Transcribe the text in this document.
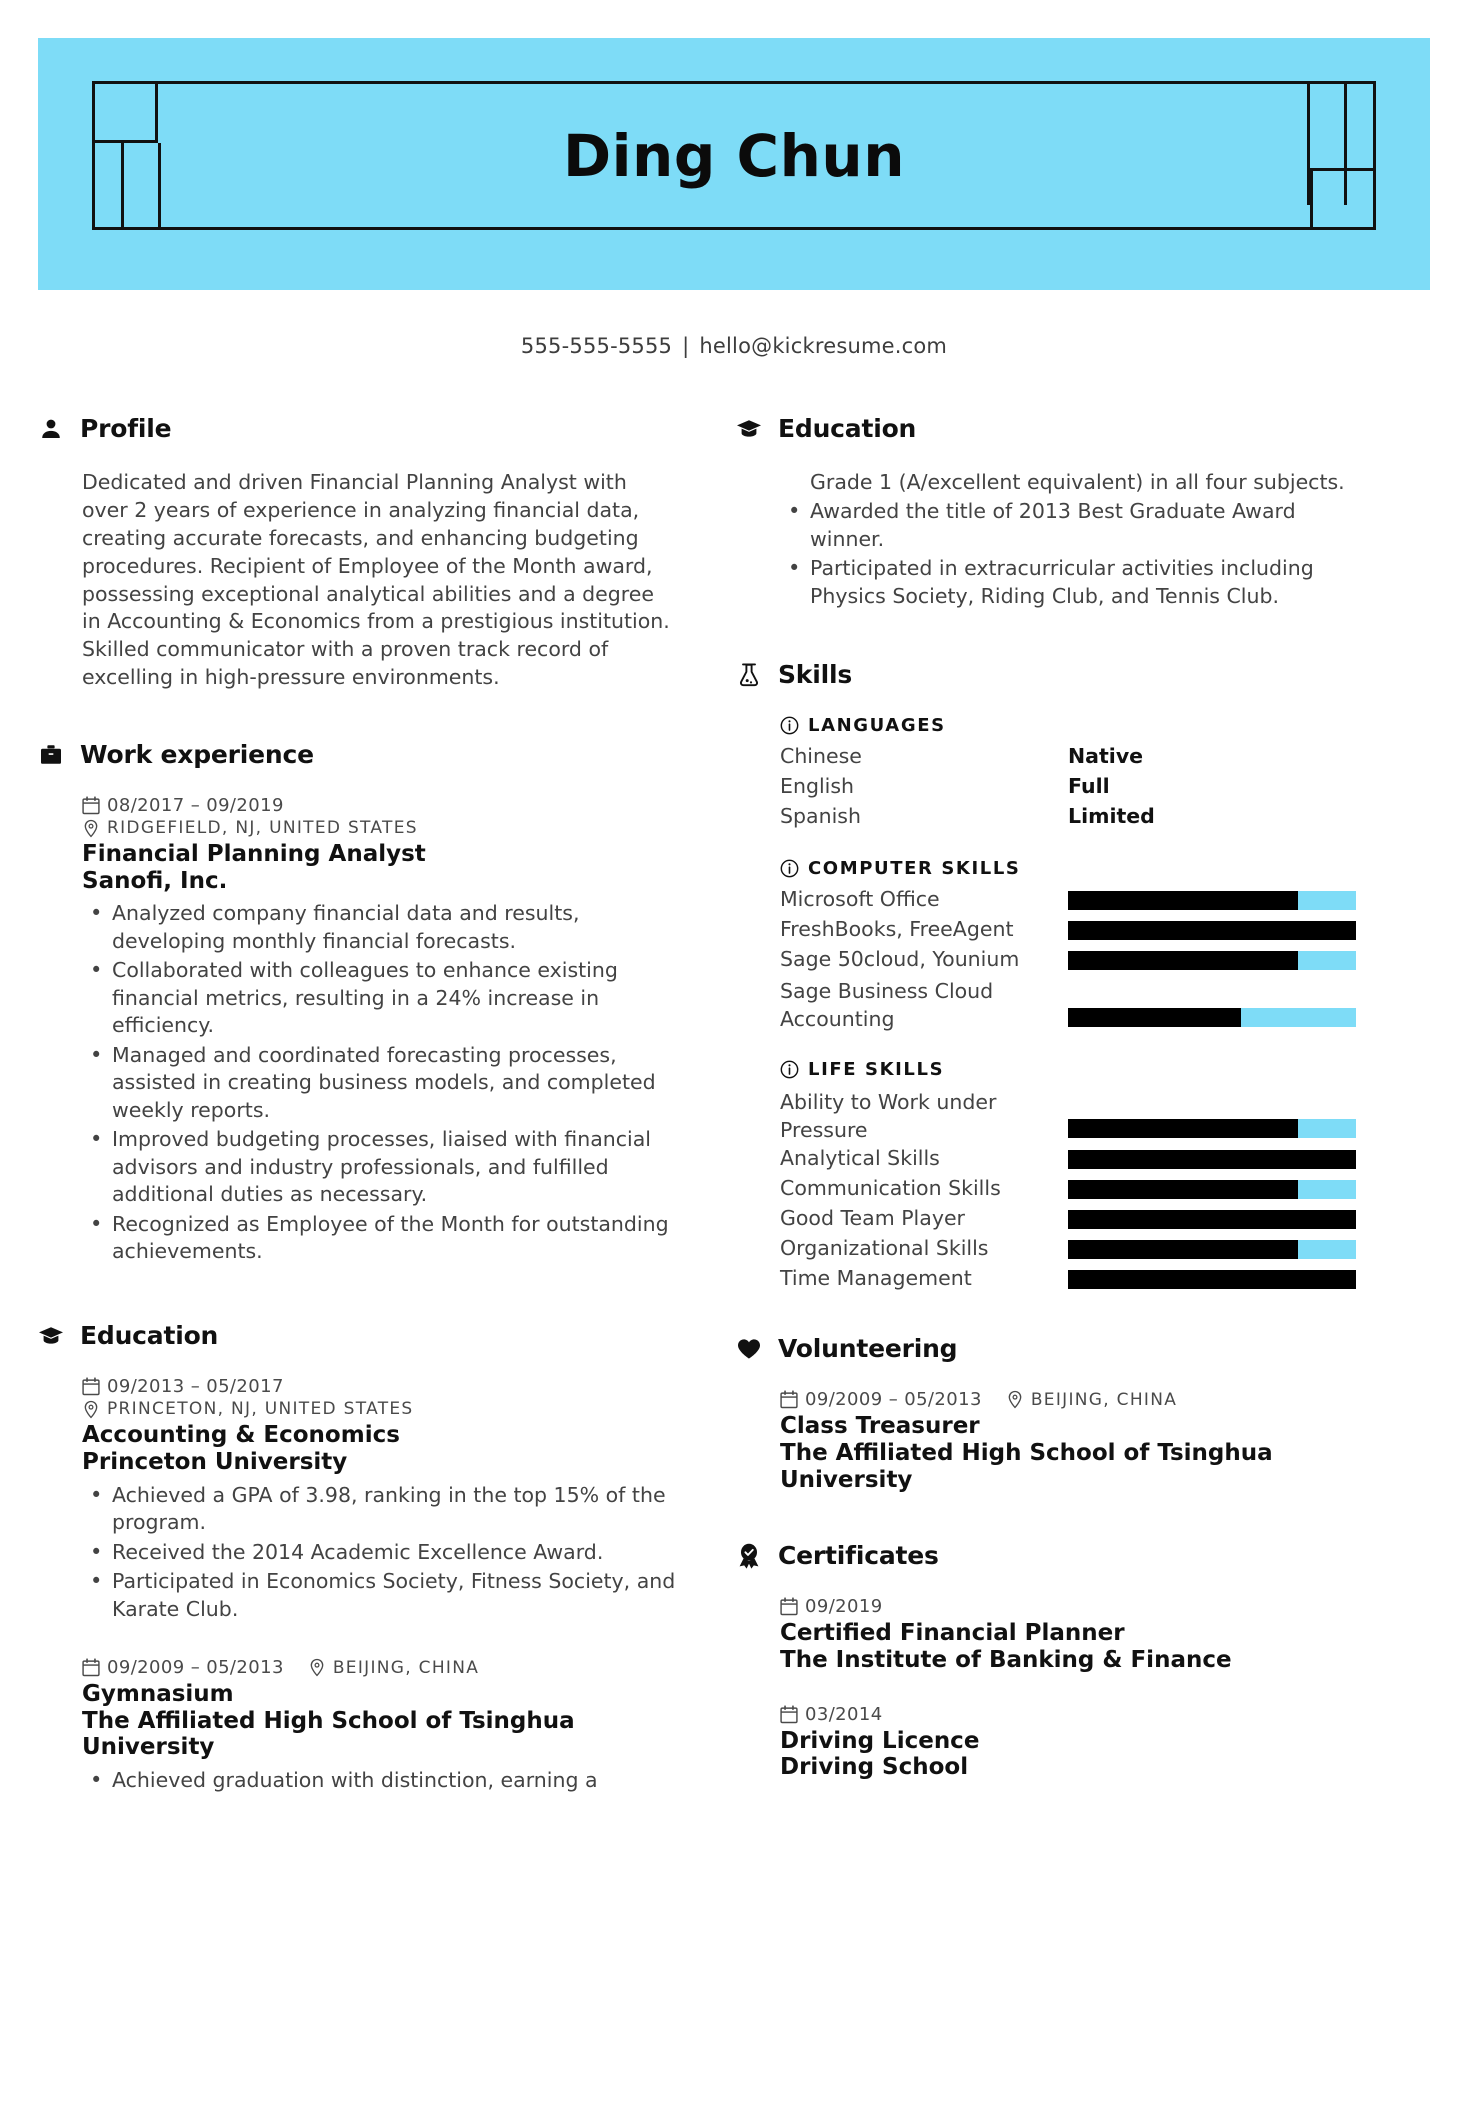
Ding Chun
555-555-5555 | hello@kickresume.com
Profile
Dedicated and driven Financial Planning Analyst with over 2 years of experience in analyzing financial data, creating accurate forecasts, and enhancing budgeting procedures. Recipient of Employee of the Month award, possessing exceptional analytical abilities and a degree in Accounting & Economics from a prestigious institution. Skilled communicator with a proven track record of excelling in high-pressure environments.
Work experience
08/2017 – 09/2019
RIDGEFIELD, NJ, UNITED STATES
Financial Planning Analyst
Sanofi, Inc.
• Analyzed company financial data and results, developing monthly financial forecasts.
• Collaborated with colleagues to enhance existing financial metrics, resulting in a 24% increase in efficiency.
• Managed and coordinated forecasting processes, assisted in creating business models, and completed weekly reports.
• Improved budgeting processes, liaised with financial advisors and industry professionals, and fulfilled additional duties as necessary.
• Recognized as Employee of the Month for outstanding achievements.
Education
09/2013 – 05/2017
PRINCETON, NJ, UNITED STATES
Accounting & Economics
Princeton University
• Achieved a GPA of 3.98, ranking in the top 15% of the program.
• Received the 2014 Academic Excellence Award.
• Participated in Economics Society, Fitness Society, and Karate Club.
09/2009 – 05/2013	BEIJING, CHINA
Gymnasium
The Affiliated High School of Tsinghua University
• Achieved graduation with distinction, earning a
Education
Grade 1 (A/excellent equivalent) in all four subjects.
• Awarded the title of 2013 Best Graduate Award winner.
• Participated in extracurricular activities including Physics Society, Riding Club, and Tennis Club.
Skills
LANGUAGES
Chinese	Native
English	Full
Spanish	Limited
COMPUTER SKILLS
Microsoft Office
FreshBooks, FreeAgent
Sage 50cloud, Younium
Sage Business Cloud Accounting
LIFE SKILLS
Ability to Work under Pressure
Analytical Skills
Communication Skills
Good Team Player
Organizational Skills
Time Management
Volunteering
09/2009 – 05/2013	BEIJING, CHINA
Class Treasurer
The Affiliated High School of Tsinghua University
Certificates
09/2019
Certified Financial Planner
The Institute of Banking & Finance
03/2014
Driving Licence
Driving School
